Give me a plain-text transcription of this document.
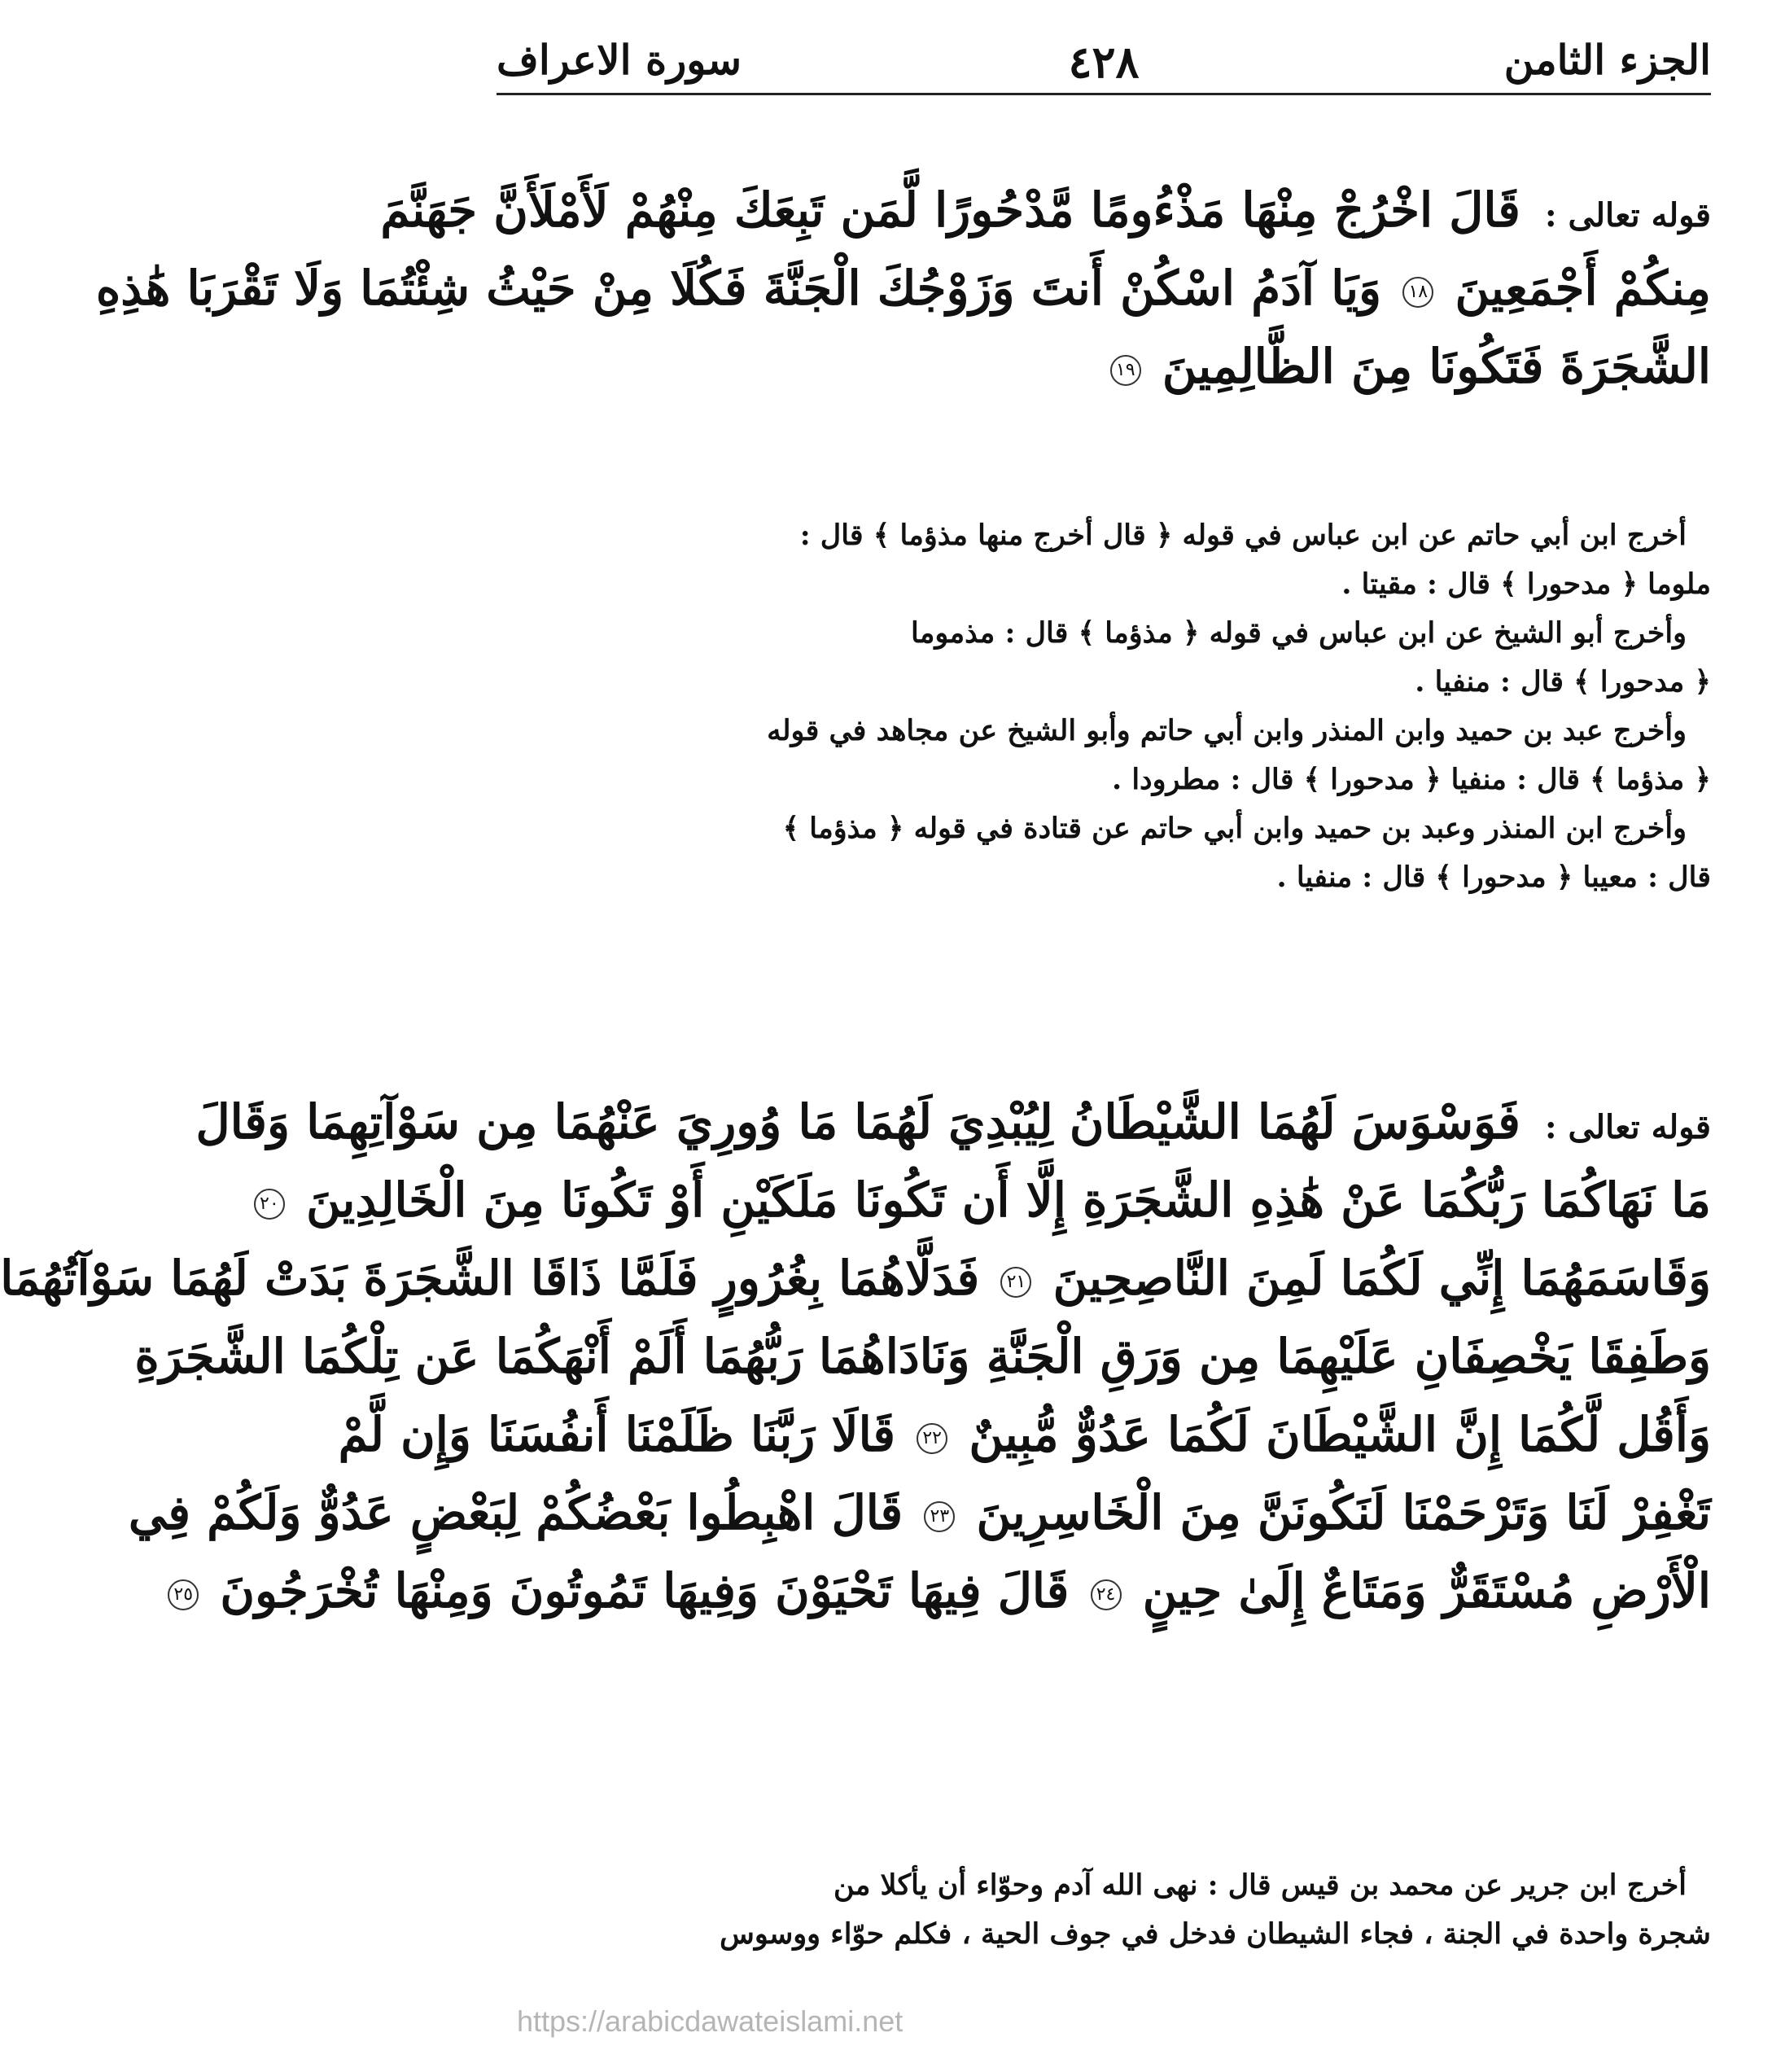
الجزء الثامن
٤٢٨
سورة الاعراف
قوله تعالى :قَالَ اخْرُجْ مِنْهَا مَذْءُومًا مَّدْحُورًا لَّمَن تَبِعَكَ مِنْهُمْ لَأَمْلَأَنَّ جَهَنَّمَ
مِنكُمْ أَجْمَعِينَ ١٨ وَيَا آدَمُ اسْكُنْ أَنتَ وَزَوْجُكَ الْجَنَّةَ فَكُلَا مِنْ حَيْثُ شِئْتُمَا وَلَا تَقْرَبَا هَٰذِهِ
الشَّجَرَةَ فَتَكُونَا مِنَ الظَّالِمِينَ ١٩
أخرج ابن أبي حاتم عن ابن عباس في قوله ﴿ قال أخرج منها مذؤما ﴾ قال :
ملوما ﴿ مدحورا ﴾ قال : مقيتا .
وأخرج أبو الشيخ عن ابن عباس في قوله ﴿ مذؤما ﴾ قال : مذموما
﴿ مدحورا ﴾ قال : منفيا .
وأخرج عبد بن حميد وابن المنذر وابن أبي حاتم وأبو الشيخ عن مجاهد في قوله
﴿ مذؤما ﴾ قال : منفيا ﴿ مدحورا ﴾ قال : مطرودا .
وأخرج ابن المنذر وعبد بن حميد وابن أبي حاتم عن قتادة في قوله ﴿ مذؤما ﴾
قال : معيبا ﴿ مدحورا ﴾ قال : منفيا .
قوله تعالى :فَوَسْوَسَ لَهُمَا الشَّيْطَانُ لِيُبْدِيَ لَهُمَا مَا وُورِيَ عَنْهُمَا مِن سَوْآتِهِمَا وَقَالَ
مَا نَهَاكُمَا رَبُّكُمَا عَنْ هَٰذِهِ الشَّجَرَةِ إِلَّا أَن تَكُونَا مَلَكَيْنِ أَوْ تَكُونَا مِنَ الْخَالِدِينَ ٢٠
وَقَاسَمَهُمَا إِنِّي لَكُمَا لَمِنَ النَّاصِحِينَ ٢١ فَدَلَّاهُمَا بِغُرُورٍ فَلَمَّا ذَاقَا الشَّجَرَةَ بَدَتْ لَهُمَا سَوْآتُهُمَا
وَطَفِقَا يَخْصِفَانِ عَلَيْهِمَا مِن وَرَقِ الْجَنَّةِ وَنَادَاهُمَا رَبُّهُمَا أَلَمْ أَنْهَكُمَا عَن تِلْكُمَا الشَّجَرَةِ
وَأَقُل لَّكُمَا إِنَّ الشَّيْطَانَ لَكُمَا عَدُوٌّ مُّبِينٌ ٢٢ قَالَا رَبَّنَا ظَلَمْنَا أَنفُسَنَا وَإِن لَّمْ
تَغْفِرْ لَنَا وَتَرْحَمْنَا لَنَكُونَنَّ مِنَ الْخَاسِرِينَ ٢٣ قَالَ اهْبِطُوا بَعْضُكُمْ لِبَعْضٍ عَدُوٌّ وَلَكُمْ فِي
الْأَرْضِ مُسْتَقَرٌّ وَمَتَاعٌ إِلَىٰ حِينٍ ٢٤ قَالَ فِيهَا تَحْيَوْنَ وَفِيهَا تَمُوتُونَ وَمِنْهَا تُخْرَجُونَ ٢٥
أخرج ابن جرير عن محمد بن قيس قال : نهى الله آدم وحوّاء أن يأكلا من
شجرة واحدة في الجنة ، فجاء الشيطان فدخل في جوف الحية ، فكلم حوّاء ووسوس
https://arabicdawateislami.net
